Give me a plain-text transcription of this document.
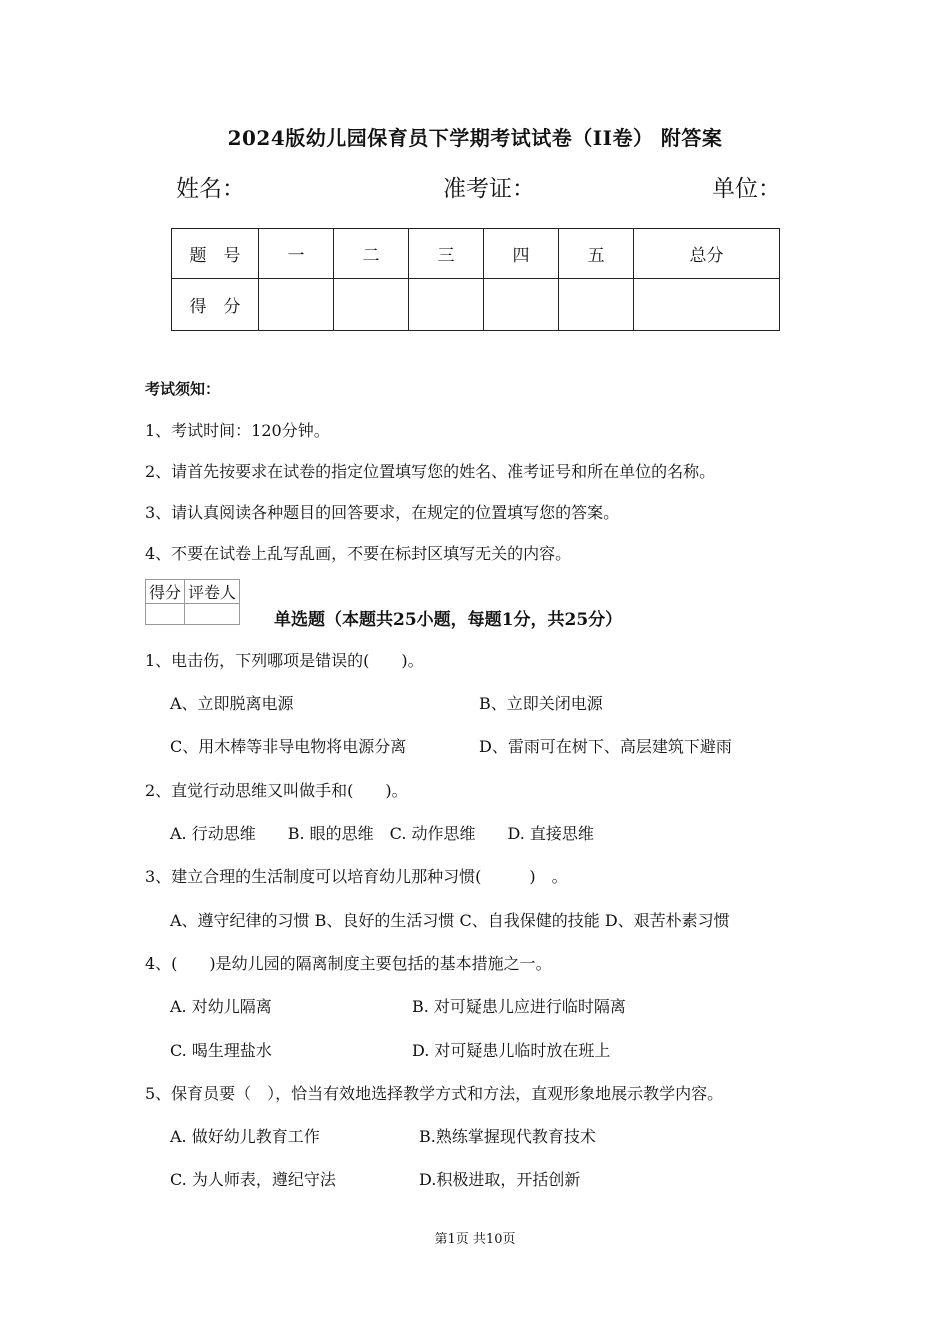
2024版幼儿园保育员下学期考试试卷（II卷） 附答案
姓名：	准考证：	单位：
题　号	一	二	三	四	五	总分
得　分						
考试须知：
1、考试时间：120分钟。
2、请首先按要求在试卷的指定位置填写您的姓名、准考证号和所在单位的名称。
3、请认真阅读各种题目的回答要求，在规定的位置填写您的答案。
4、不要在试卷上乱写乱画，不要在标封区填写无关的内容。
得分	评卷人

单选题（本题共25小题，每题1分，共25分）
1、电击伤，下列哪项是错误的(　　)。
A、立即脱离电源	B、立即关闭电源
C、用木棒等非导电物将电源分离	D、雷雨可在树下、高层建筑下避雨
2、直觉行动思维又叫做手和(　　)。
A. 行动思维　　B. 眼的思维　C. 动作思维　　D. 直接思维
3、建立合理的生活制度可以培育幼儿那种习惯(　　　)　。
A、遵守纪律的习惯 B、良好的生活习惯 C、自我保健的技能 D、艰苦朴素习惯
4、(　　)是幼儿园的隔离制度主要包括的基本措施之一。
A. 对幼儿隔离	B. 对可疑患儿应进行临时隔离
C. 喝生理盐水	D. 对可疑患儿临时放在班上
5、保育员要（　），恰当有效地选择教学方式和方法，直观形象地展示教学内容。
A. 做好幼儿教育工作	B.熟练掌握现代教育技术
C. 为人师表，遵纪守法	D.积极进取，开括创新
第1页 共10页
